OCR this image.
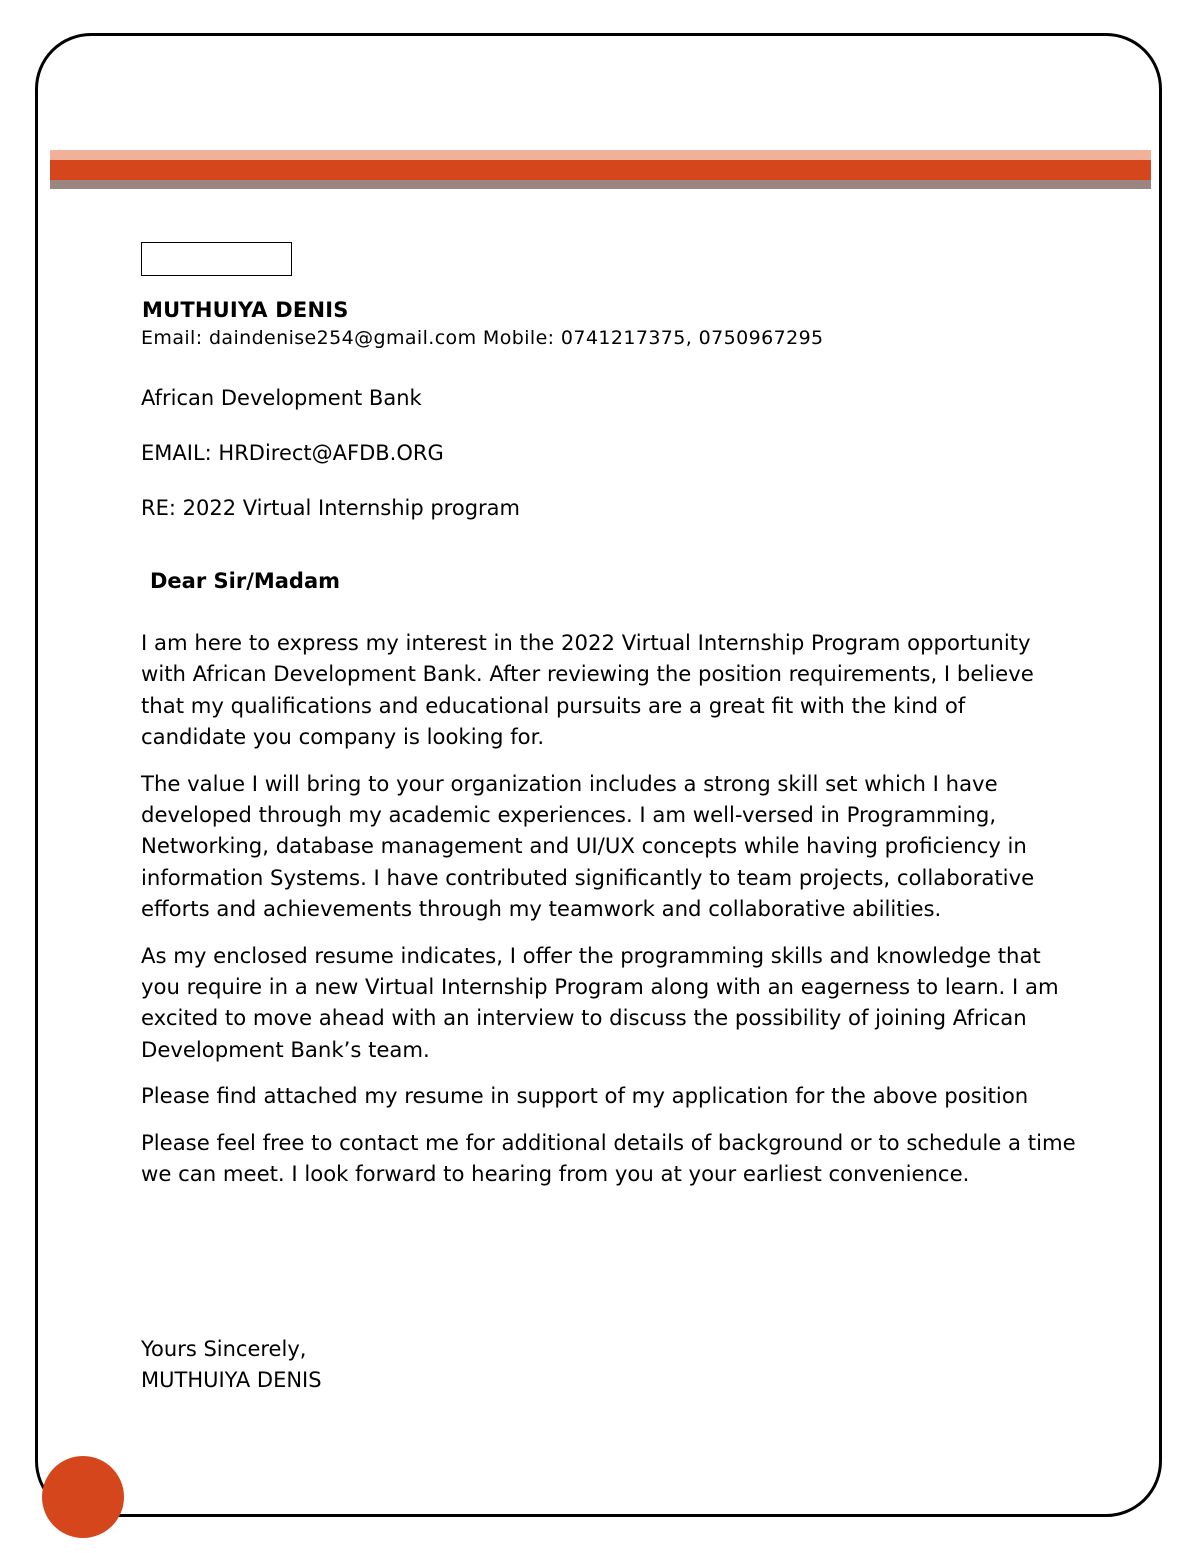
MUTHUIYA DENIS
Email: daindenise254@gmail.com Mobile: 0741217375, 0750967295
African Development Bank
EMAIL: HRDirect@AFDB.ORG
RE: 2022 Virtual Internship program
Dear Sir/Madam

I am here to express my interest in the 2022 Virtual Internship Program opportunity with African Development Bank. After reviewing the position requirements, I believe that my qualifications and educational pursuits are a great fit with the kind of candidate you company is looking for.

The value I will bring to your organization includes a strong skill set which I have developed through my academic experiences. I am well-versed in Programming, Networking, database management and UI/UX concepts while having proficiency in information Systems. I have contributed significantly to team projects, collaborative efforts and achievements through my teamwork and collaborative abilities.

As my enclosed resume indicates, I offer the programming skills and knowledge that you require in a new Virtual Internship Program along with an eagerness to learn. I am excited to move ahead with an interview to discuss the possibility of joining African Development Bank’s team.

Please find attached my resume in support of my application for the above position

Please feel free to contact me for additional details of background or to schedule a time we can meet. I look forward to hearing from you at your earliest convenience.

Yours Sincerely,
MUTHUIYA DENIS
